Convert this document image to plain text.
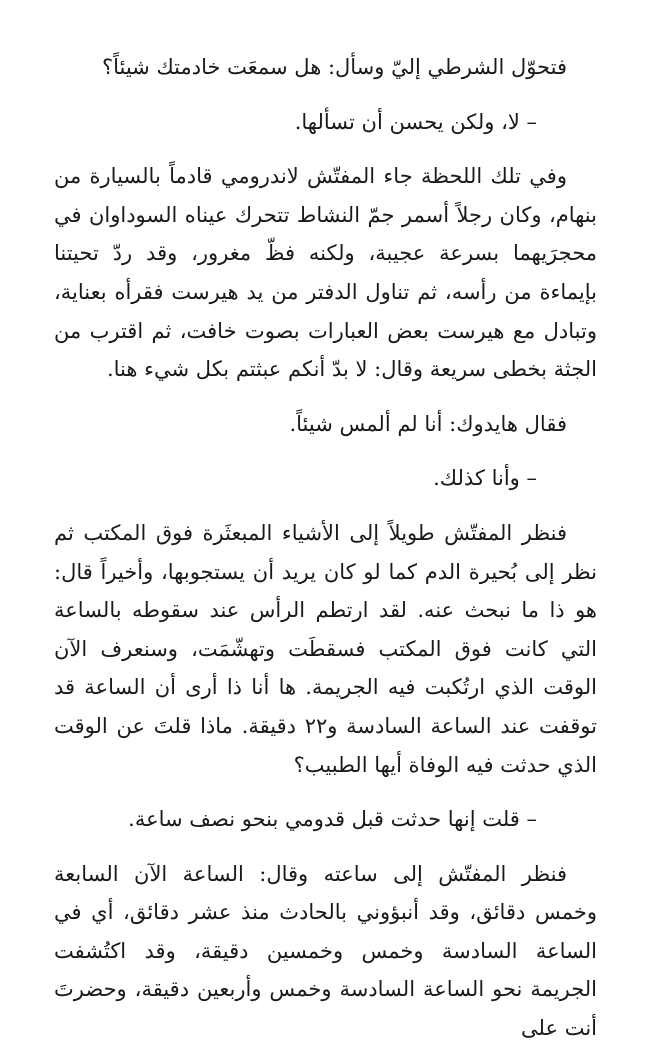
فتحوّل الشرطي إليّ وسأل: هل سمعَت خادمتك شيئاً؟

– لا، ولكن يحسن أن تسألها.

وفي تلك اللحظة جاء المفتّش لاندرومي قادماً بالسيارة من بنهام، وكان رجلاً أسمر جمّ النشاط تتحرك عيناه السوداوان في محجرَيهما بسرعة عجيبة، ولكنه فظّ مغرور، وقد ردّ تحيتنا بإيماءة من رأسه، ثم تناول الدفتر من يد هيرست فقرأه بعناية، وتبادل مع هيرست بعض العبارات بصوت خافت، ثم اقترب من الجثة بخطى سريعة وقال: لا بدّ أنكم عبثتم بكل شيء هنا.

فقال هايدوك: أنا لم ألمس شيئاً.

– وأنا كذلك.

فنظر المفتّش طويلاً إلى الأشياء المبعثَرة فوق المكتب ثم نظر إلى بُحيرة الدم كما لو كان يريد أن يستجوبها، وأخيراً قال: هو ذا ما نبحث عنه. لقد ارتطم الرأس عند سقوطه بالساعة التي كانت فوق المكتب فسقطَت وتهشّمَت، وسنعرف الآن الوقت الذي ارتُكبت فيه الجريمة. ها أنا ذا أرى أن الساعة قد توقفت عند الساعة السادسة و٢٢ دقيقة. ماذا قلتَ عن الوقت الذي حدثت فيه الوفاة أيها الطبيب؟

– قلت إنها حدثت قبل قدومي بنحو نصف ساعة.

فنظر المفتّش إلى ساعته وقال: الساعة الآن السابعة وخمس دقائق، وقد أنبؤوني بالحادث منذ عشر دقائق، أي في الساعة السادسة وخمس وخمسين دقيقة، وقد اكتُشفت الجريمة نحو الساعة السادسة وخمس وأربعين دقيقة، وحضرتَ أنت على
